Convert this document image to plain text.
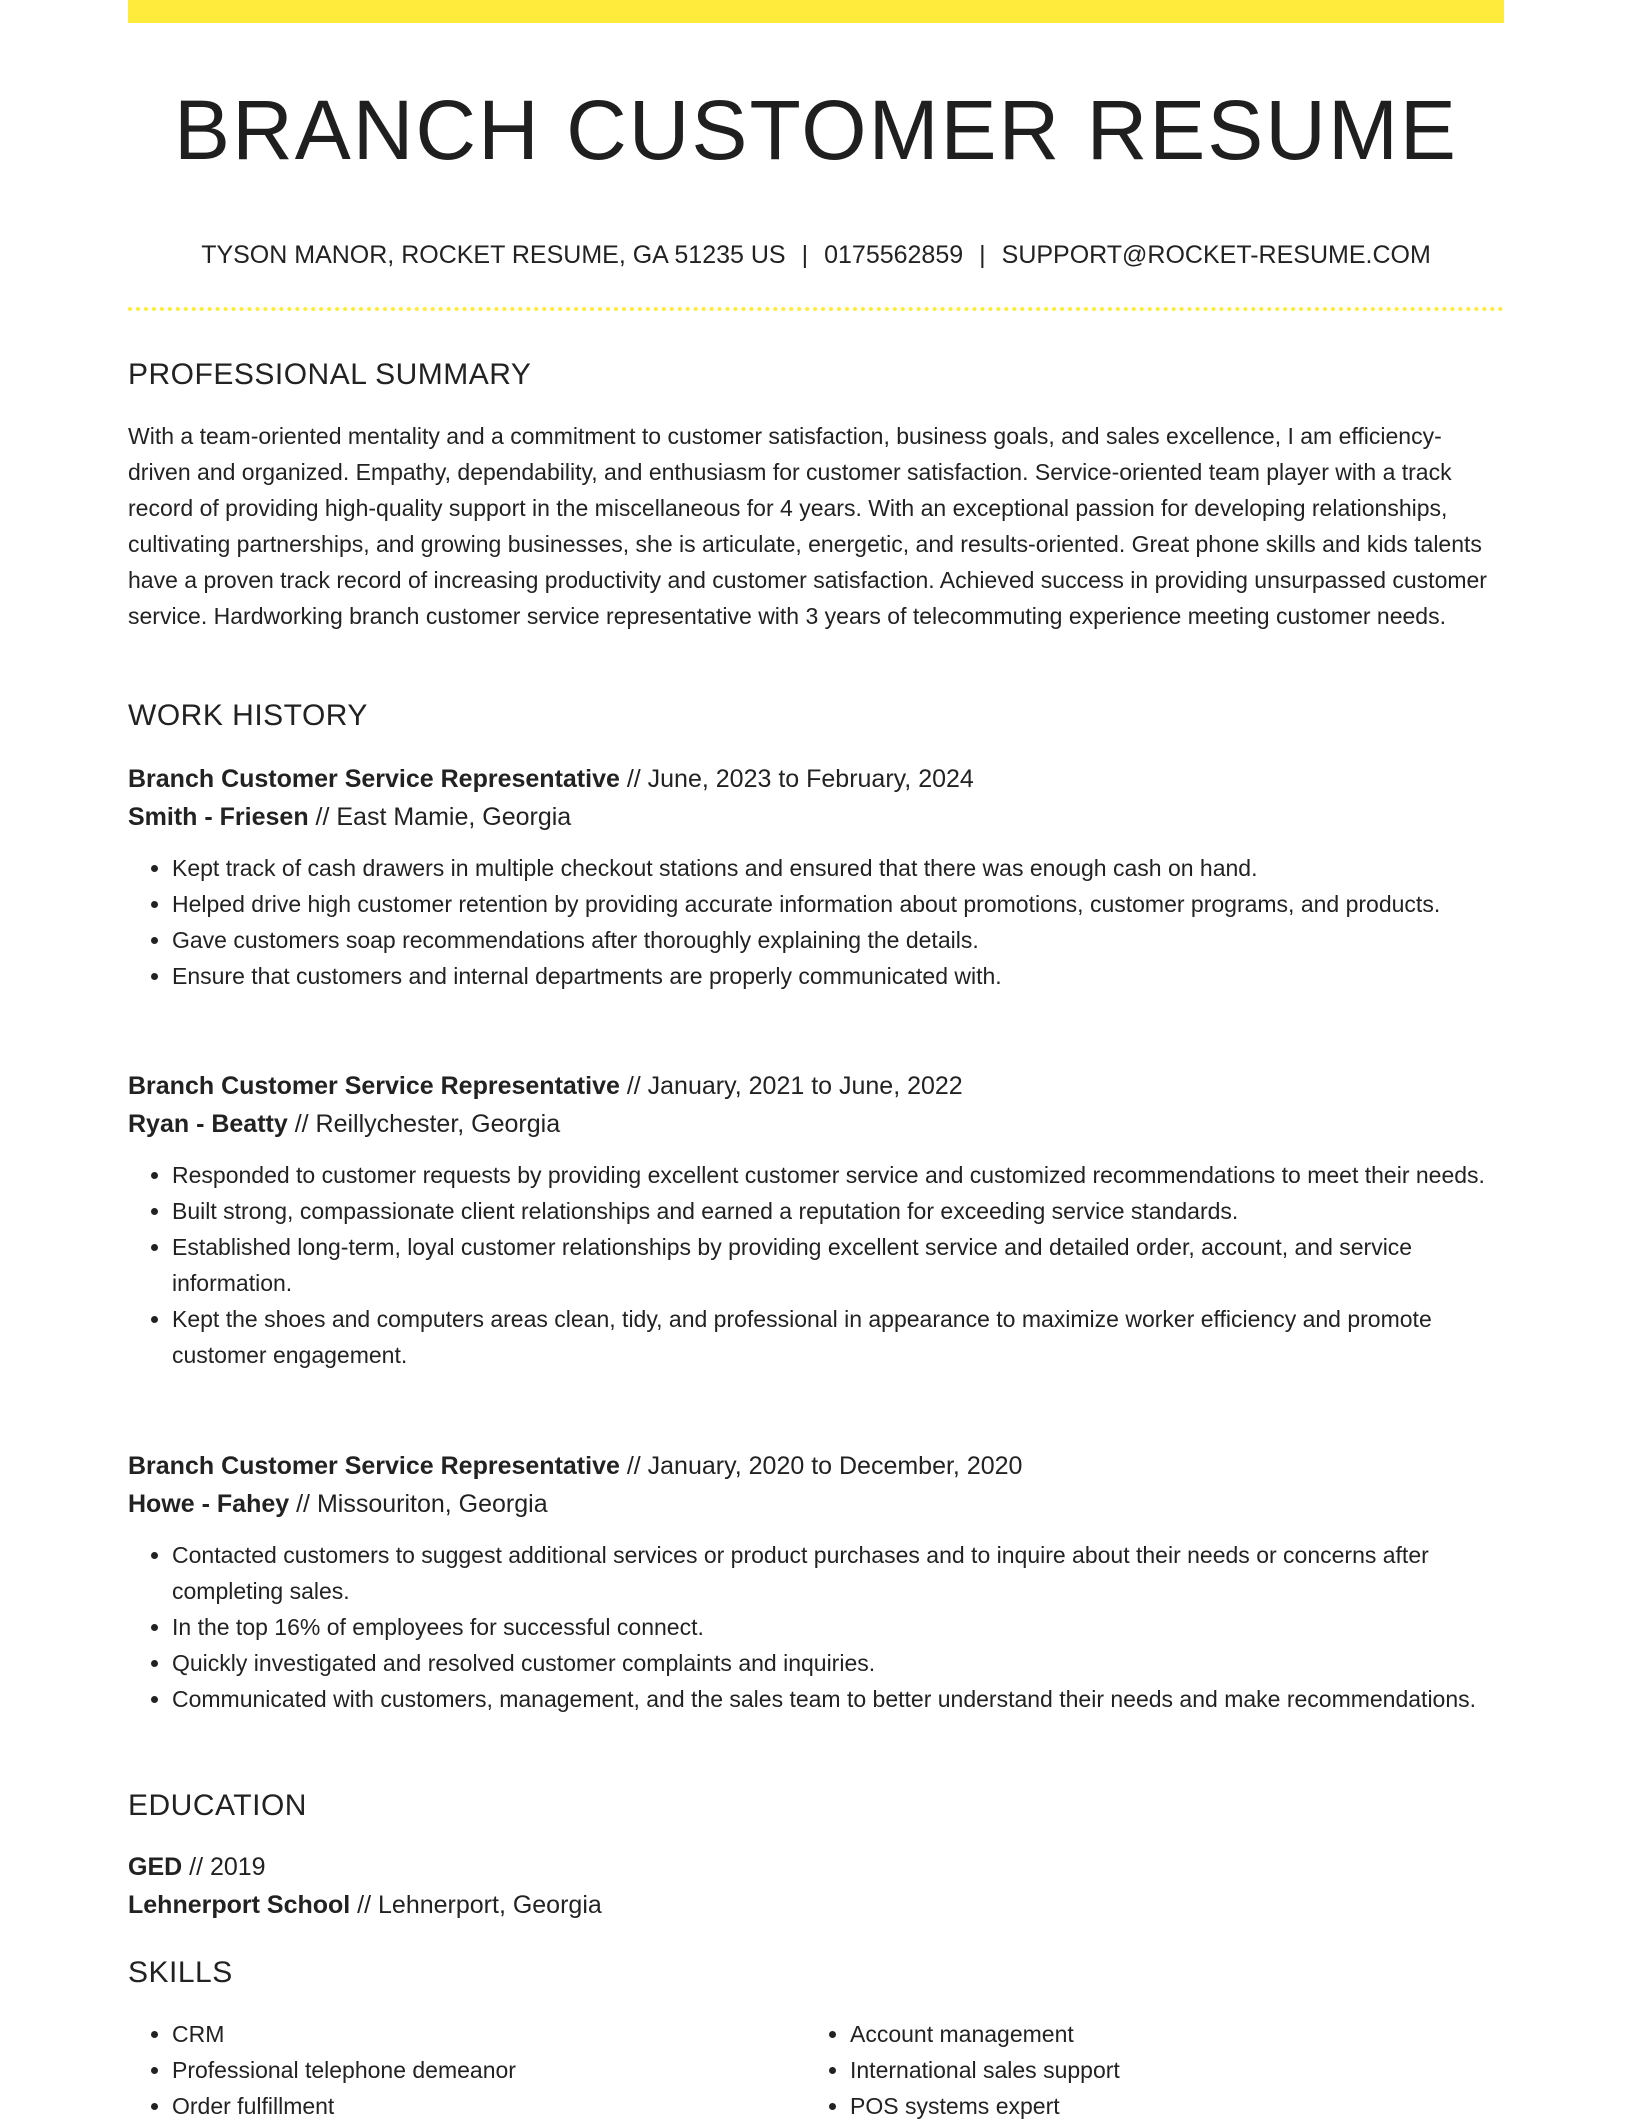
BRANCH CUSTOMER RESUME
TYSON MANOR, ROCKET RESUME, GA 51235 US | 0175562859 | SUPPORT@ROCKET-RESUME.COM
PROFESSIONAL SUMMARY

With a team-oriented mentality and a commitment to customer satisfaction, business goals, and sales excellence, I am efficiency-driven and organized. Empathy, dependability, and enthusiasm for customer satisfaction. Service-oriented team player with a track record of providing high-quality support in the miscellaneous for 4 years. With an exceptional passion for developing relationships, cultivating partnerships, and growing businesses, she is articulate, energetic, and results-oriented. Great phone skills and kids talents have a proven track record of increasing productivity and customer satisfaction. Achieved success in providing unsurpassed customer service. Hardworking branch customer service representative with 3 years of telecommuting experience meeting customer needs.

WORK HISTORY
Branch Customer Service Representative // June, 2023 to February, 2024
Smith - Friesen // East Mamie, Georgia
• Kept track of cash drawers in multiple checkout stations and ensured that there was enough cash on hand.
• Helped drive high customer retention by providing accurate information about promotions, customer programs, and products.
• Gave customers soap recommendations after thoroughly explaining the details.
• Ensure that customers and internal departments are properly communicated with.
Branch Customer Service Representative // January, 2021 to June, 2022
Ryan - Beatty // Reillychester, Georgia
• Responded to customer requests by providing excellent customer service and customized recommendations to meet their needs.
• Built strong, compassionate client relationships and earned a reputation for exceeding service standards.
• Established long-term, loyal customer relationships by providing excellent service and detailed order, account, and service information.
• Kept the shoes and computers areas clean, tidy, and professional in appearance to maximize worker efficiency and promote customer engagement.
Branch Customer Service Representative // January, 2020 to December, 2020
Howe - Fahey // Missouriton, Georgia
• Contacted customers to suggest additional services or product purchases and to inquire about their needs or concerns after completing sales.
• In the top 16% of employees for successful connect.
• Quickly investigated and resolved customer complaints and inquiries.
• Communicated with customers, management, and the sales team to better understand their needs and make recommendations.
EDUCATION
GED // 2019
Lehnerport School // Lehnerport, Georgia
SKILLS
• CRM
• Professional telephone demeanor
• Order fulfillment
• Account management
• International sales support
• POS systems expert
